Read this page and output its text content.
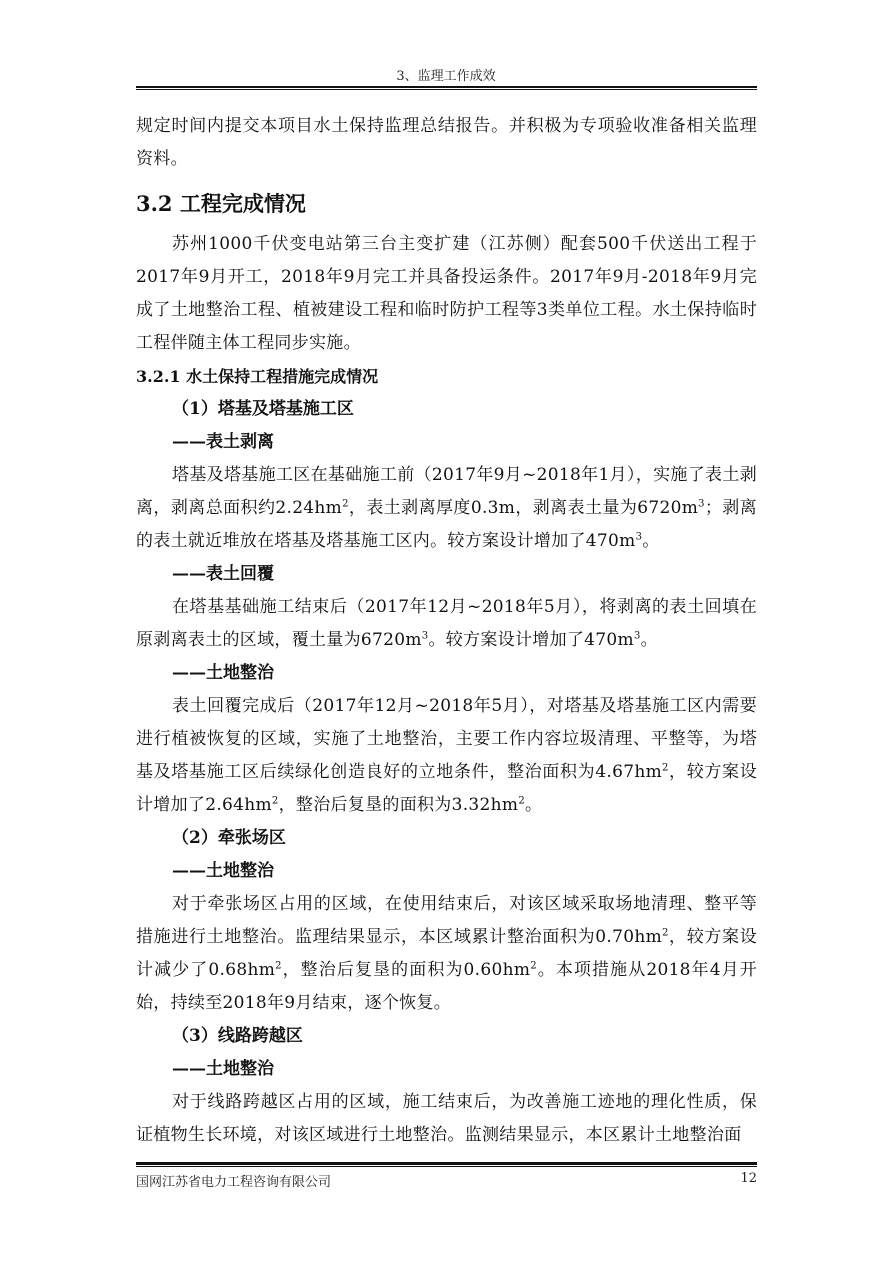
3、监理工作成效

规定时间内提交本项目水土保持监理总结报告。并积极为专项验收准备相关监理资料。

3.2 工程完成情况

苏州1000千伏变电站第三台主变扩建（江苏侧）配套500千伏送出工程于2017年9月开工，2018年9月完工并具备投运条件。2017年9月-2018年9月完成了土地整治工程、植被建设工程和临时防护工程等3类单位工程。水土保持临时工程伴随主体工程同步实施。

3.2.1 水土保持工程措施完成情况
（1）塔基及塔基施工区
——表土剥离

塔基及塔基施工区在基础施工前（2017年9月~2018年1月），实施了表土剥离，剥离总面积约$2.24hm^2$，表土剥离厚度0.3m，剥离表土量为$6720m^3$；剥离的表土就近堆放在塔基及塔基施工区内。较方案设计增加了$470m^3$。

——表土回覆

在塔基基础施工结束后（2017年12月~2018年5月），将剥离的表土回填在原剥离表土的区域，覆土量为$6720m^3$。较方案设计增加了$470m^3$。

——土地整治

表土回覆完成后（2017年12月~2018年5月），对塔基及塔基施工区内需要进行植被恢复的区域，实施了土地整治，主要工作内容垃圾清理、平整等，为塔基及塔基施工区后续绿化创造良好的立地条件，整治面积为$4.67hm^2$，较方案设计增加了$2.64hm^2$，整治后复垦的面积为$3.32hm^2$。

（2）牵张场区
——土地整治

对于牵张场区占用的区域，在使用结束后，对该区域采取场地清理、整平等措施进行土地整治。监理结果显示，本区域累计整治面积为$0.70hm^2$，较方案设计减少了$0.68hm^2$，整治后复垦的面积为$0.60hm^2$。本项措施从2018年4月开始，持续至2018年9月结束，逐个恢复。

（3）线路跨越区
——土地整治

对于线路跨越区占用的区域，施工结束后，为改善施工迹地的理化性质，保证植物生长环境，对该区域进行土地整治。监测结果显示，本区累计土地整治面

国网江苏省电力工程咨询有限公司	12
